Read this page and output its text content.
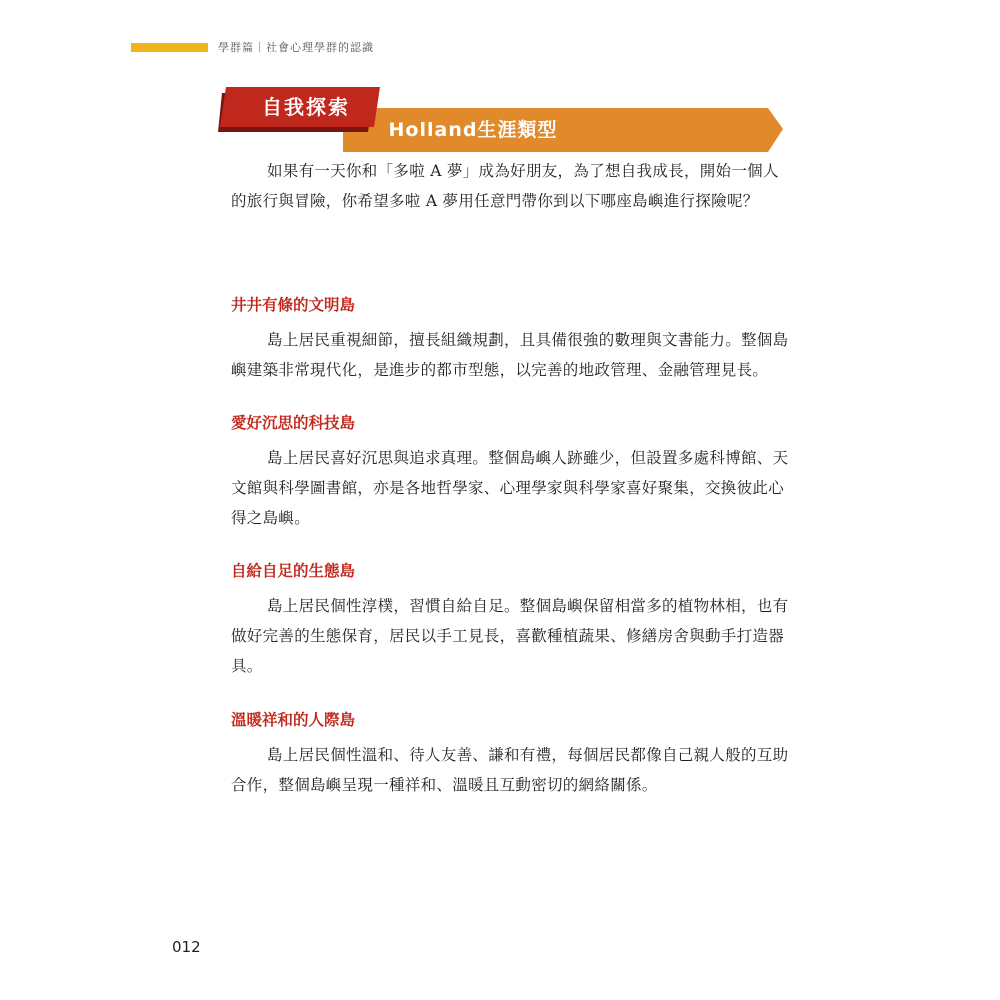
學群篇｜社會心理學群的認識
自我探索
Holland生涯類型

如果有一天你和「多啦 A 夢」成為好朋友，為了想自我成長，開始一個人的旅行與冒險，你希望多啦 A 夢用任意門帶你到以下哪座島嶼進行探險呢？

井井有條的文明島

島上居民重視細節，擅長組織規劃，且具備很強的數理與文書能力。整個島嶼建築非常現代化，是進步的都市型態，以完善的地政管理、金融管理見長。

愛好沉思的科技島

島上居民喜好沉思與追求真理。整個島嶼人跡雖少，但設置多處科博館、天文館與科學圖書館，亦是各地哲學家、心理學家與科學家喜好聚集，交換彼此心得之島嶼。

自給自足的生態島

島上居民個性淳樸，習慣自給自足。整個島嶼保留相當多的植物林相，也有做好完善的生態保育，居民以手工見長，喜歡種植蔬果、修繕房舍與動手打造器具。

溫暖祥和的人際島

島上居民個性溫和、待人友善、謙和有禮，每個居民都像自己親人般的互助合作，整個島嶼呈現一種祥和、溫暖且互動密切的網絡關係。

012
